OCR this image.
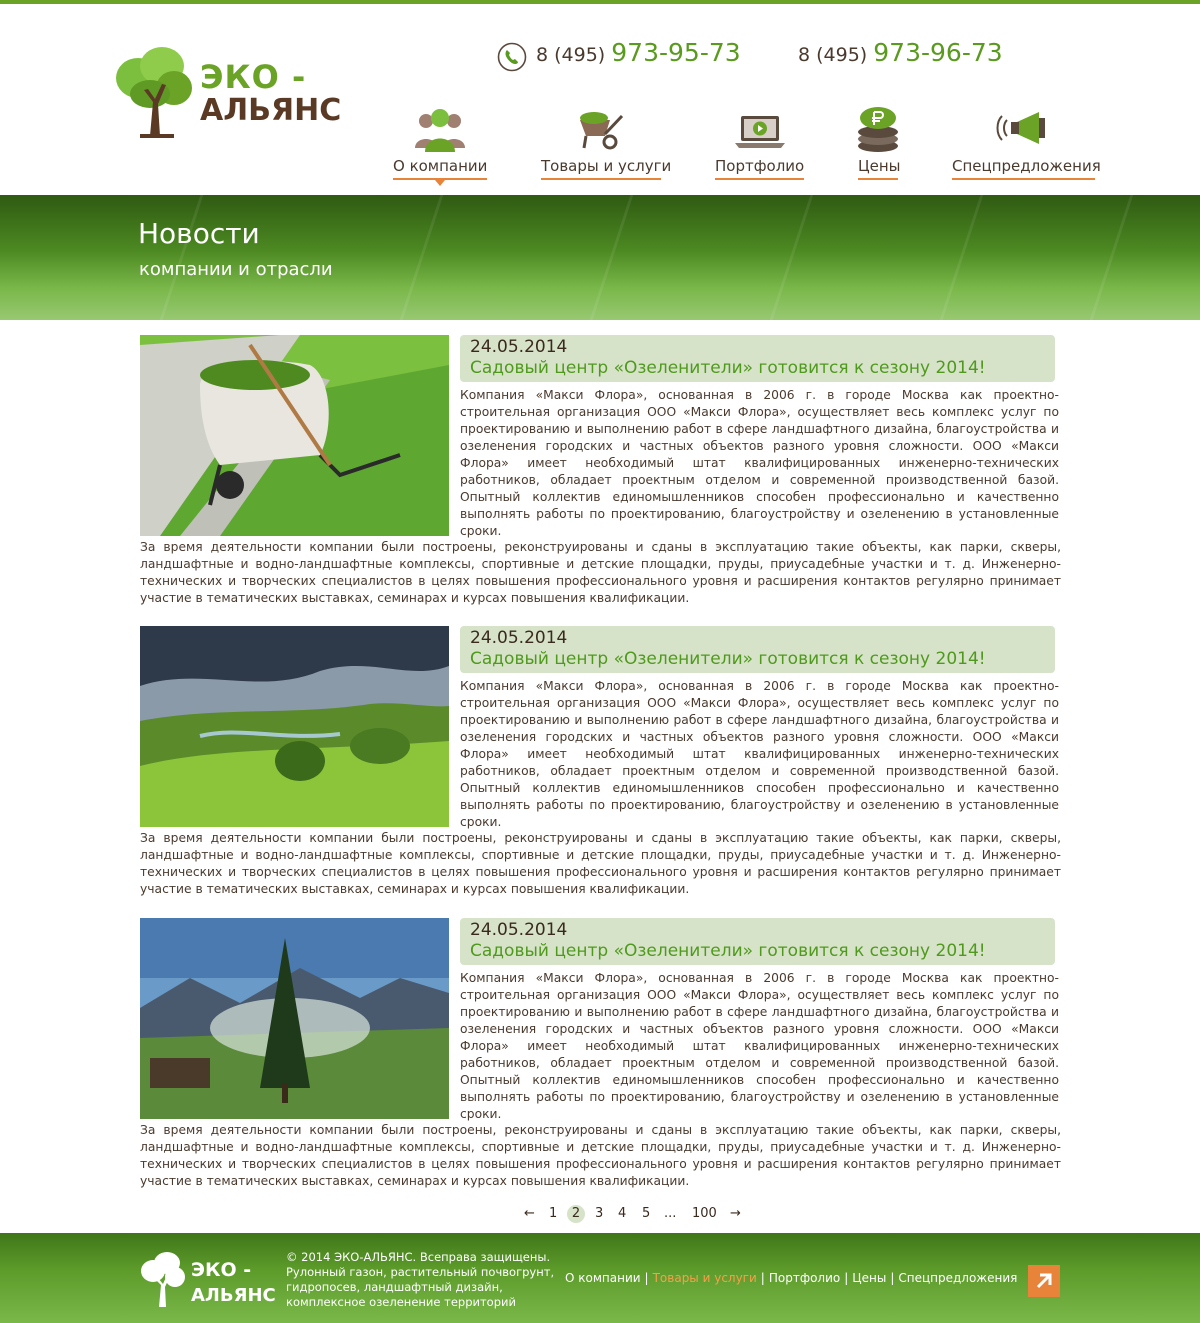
ЭКО -
АЛЬЯНС
8 (495) 973-95-73	8 (495) 973-96-73
О компании	Товары и услуги	Портфолио	Цены	Спецпредложения
Новости
компании и отрасли
24.05.2014
Садовый центр «Озеленители» готовится к сезону 2014!

Компания «Макси Флора», основанная в 2006 г. в городе Москва как проектно-строительная организация ООО «Макси Флора», осуществляет весь комплекс услуг по проектированию и выполнению работ в сфере ландшафтного дизайна, благоустройства и озеленения городских и частных объектов разного уровня сложности. ООО «Макси Флора» имеет необходимый штат квалифицированных инженерно-технических работников, обладает проектным отделом и современной производственной базой. Опытный коллектив единомышленников способен профессионально и качественно выполнять работы по проектированию, благоустройству и озеленению в установленные сроки.

За время деятельности компании были построены, реконструированы и сданы в эксплуатацию такие объекты, как парки, скверы, ландшафтные и водно-ландшафтные комплексы, спортивные и детские площадки, пруды, приусадебные участки и т. д. Инженерно-технических и творческих специалистов в целях повышения профессионального уровня и расширения контактов регулярно принимает участие в тематических выставках, семинарах и курсах повышения квалификации.

24.05.2014
Садовый центр «Озеленители» готовится к сезону 2014!

Компания «Макси Флора», основанная в 2006 г. в городе Москва как проектно-строительная организация ООО «Макси Флора», осуществляет весь комплекс услуг по проектированию и выполнению работ в сфере ландшафтного дизайна, благоустройства и озеленения городских и частных объектов разного уровня сложности. ООО «Макси Флора» имеет необходимый штат квалифицированных инженерно-технических работников, обладает проектным отделом и современной производственной базой. Опытный коллектив единомышленников способен профессионально и качественно выполнять работы по проектированию, благоустройству и озеленению в установленные сроки.

За время деятельности компании были построены, реконструированы и сданы в эксплуатацию такие объекты, как парки, скверы, ландшафтные и водно-ландшафтные комплексы, спортивные и детские площадки, пруды, приусадебные участки и т. д. Инженерно-технических и творческих специалистов в целях повышения профессионального уровня и расширения контактов регулярно принимает участие в тематических выставках, семинарах и курсах повышения квалификации.

24.05.2014
Садовый центр «Озеленители» готовится к сезону 2014!

Компания «Макси Флора», основанная в 2006 г. в городе Москва как проектно-строительная организация ООО «Макси Флора», осуществляет весь комплекс услуг по проектированию и выполнению работ в сфере ландшафтного дизайна, благоустройства и озеленения городских и частных объектов разного уровня сложности. ООО «Макси Флора» имеет необходимый штат квалифицированных инженерно-технических работников, обладает проектным отделом и современной производственной базой. Опытный коллектив единомышленников способен профессионально и качественно выполнять работы по проектированию, благоустройству и озеленению в установленные сроки.

За время деятельности компании были построены, реконструированы и сданы в эксплуатацию такие объекты, как парки, скверы, ландшафтные и водно-ландшафтные комплексы, спортивные и детские площадки, пруды, приусадебные участки и т. д. Инженерно-технических и творческих специалистов в целях повышения профессионального уровня и расширения контактов регулярно принимает участие в тематических выставках, семинарах и курсах повышения квалификации.

← 1	2	3 4 5 ... 100 →
ЭКО -
АЛЬЯНС
© 2014 ЭКО-АЛЬЯНС. Всеправа защищены.
Рулонный газон, растительный почвогрунт,
гидропосев, ландшафтный дизайн,
комплексное озеленение территорий
О компании | Товары и услуги | Портфолио | Цены | Спецпредложения
